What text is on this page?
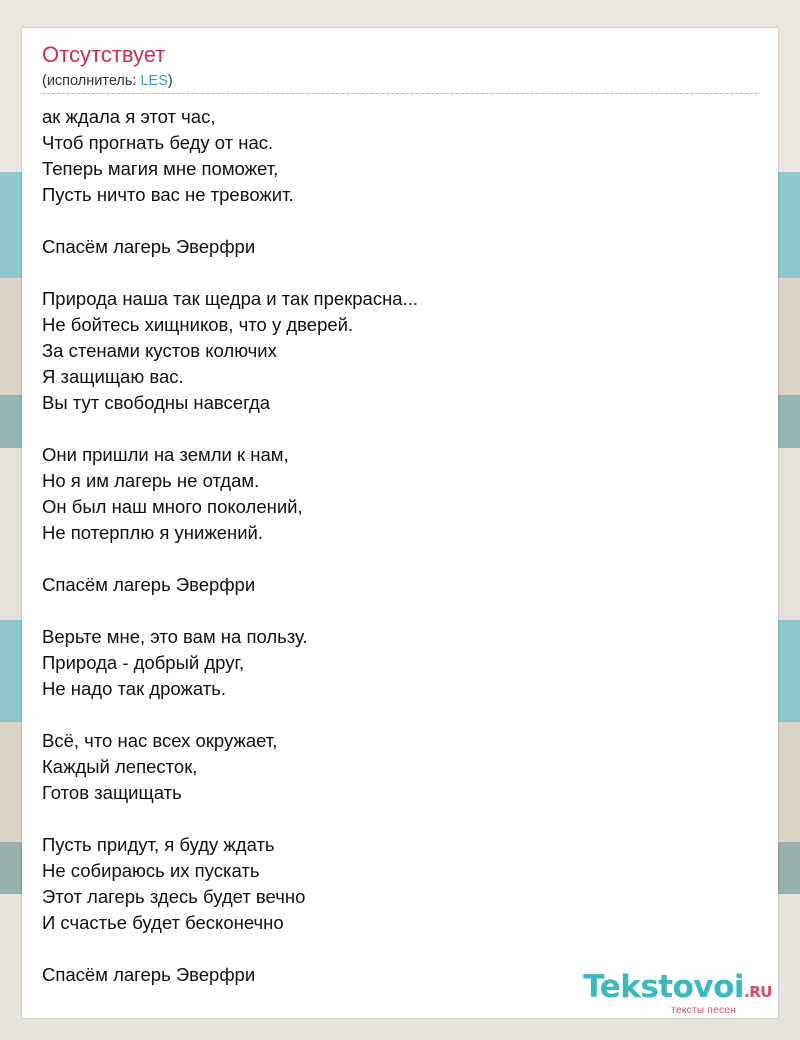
Отсутствует
(исполнитель: LES)
ак ждала я этот час,
Чтоб прогнать беду от нас.
Теперь магия мне поможет,
Пусть ничто вас не тревожит.
Спасём лагерь Эверфри
Природа наша так щедра и так прекрасна...
Не бойтесь хищников, что у дверей.
За стенами кустов колючих
Я защищаю вас.
Вы тут свободны навсегда
Они пришли на земли к нам,
Но я им лагерь не отдам.
Он был наш много поколений,
Не потерплю я унижений.
Спасём лагерь Эверфри
Верьте мне, это вам на пользу.
Природа - добрый друг,
Не надо так дрожать.
Всё, что нас всех окружает,
Каждый лепесток,
Готов защищать
Пусть придут, я буду ждать
Не собираюсь их пускать
Этот лагерь здесь будет вечно
И счастье будет бесконечно
Спасём лагерь Эверфри	Tekstovoi.RU
тексты песен
